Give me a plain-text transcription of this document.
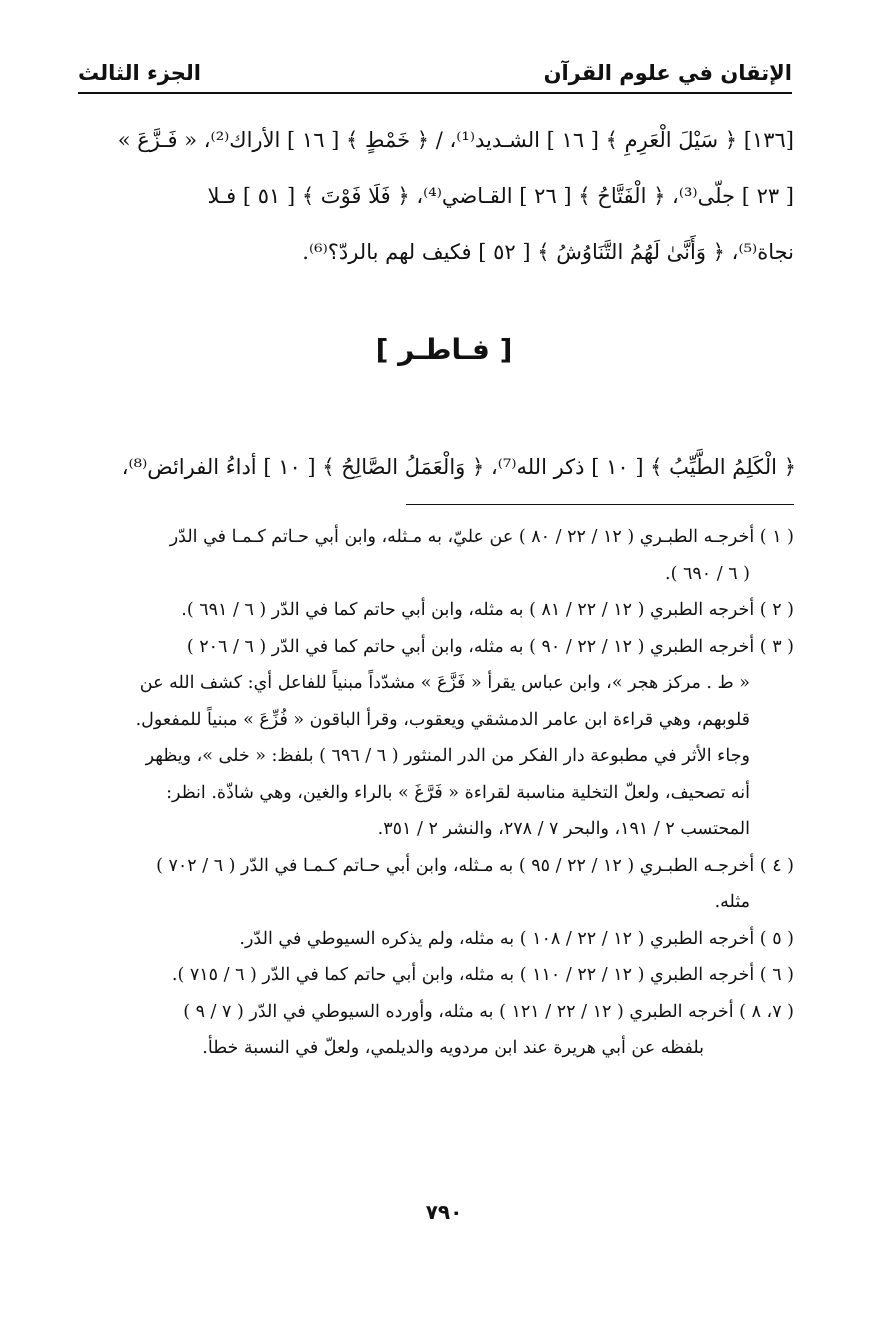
الإتقان في علوم القرآن
الجزء الثالث
[١٣٦] ﴿ سَيْلَ الْعَرِمِ ﴾ [ ١٦ ] الشـديد⁽¹⁾، / ﴿ خَمْطٍ ﴾ [ ١٦ ] الأراك⁽²⁾، « فَـزَّعَ »
[ ٢٣ ] جلّى⁽³⁾، ﴿ الْفَتَّاحُ ﴾ [ ٢٦ ] القـاضي⁽⁴⁾، ﴿ فَلَا فَوْتَ ﴾ [ ٥١ ] فـلا
نجاة⁽⁵⁾، ﴿ وَأَنَّىٰ لَهُمُ التَّنَاوُشُ ﴾ [ ٥٢ ] فكيف لهم بالردّ؟⁽⁶⁾.
[ فـاطـر ]
﴿ الْكَلِمُ الطَّيِّبُ ﴾ [ ١٠ ] ذكر الله⁽⁷⁾، ﴿ وَالْعَمَلُ الصَّالِحُ ﴾ [ ١٠ ] أداءُ الفرائض⁽⁸⁾،
( ١ ) أخرجـه الطبـري ( ١٢ / ٢٢ / ٨٠ ) عن عليّ، به مـثله، وابن أبي حـاتم كـمـا في الدّر
( ٦ / ٦٩٠ ).
( ٢ ) أخرجه الطبري ( ١٢ / ٢٢ / ٨١ ) به مثله، وابن أبي حاتم كما في الدّر ( ٦ / ٦٩١ ).
( ٣ ) أخرجه الطبري ( ١٢ / ٢٢ / ٩٠ ) به مثله، وابن أبي حاتم كما في الدّر ( ٦ / ٢٠٦ )
« ط . مركز هجر »، وابن عباس يقرأ « فَزَّعَ » مشدّداً مبنياً للفاعل أي: كشف الله عن
قلوبهم، وهي قراءة ابن عامر الدمشقي ويعقوب، وقرأ الباقون « فُزِّعَ » مبنياً للمفعول.
وجاء الأثر في مطبوعة دار الفكر من الدر المنثور ( ٦ / ٦٩٦ ) بلفظ: « خلى »، ويظهر
أنه تصحيف، ولعلّ التخلية مناسبة لقراءة « فَرَّغَ » بالراء والغين، وهي شاذّة. انظر:
المحتسب ٢ / ١٩١، والبحر ٧ / ٢٧٨، والنشر ٢ / ٣٥١.
( ٤ ) أخرجـه الطبـري ( ١٢ / ٢٢ / ٩٥ ) به مـثله، وابن أبي حـاتم كـمـا في الدّر ( ٦ / ٧٠٢ )
مثله.
( ٥ ) أخرجه الطبري ( ١٢ / ٢٢ / ١٠٨ ) به مثله، ولم يذكره السيوطي في الدّر.
( ٦ ) أخرجه الطبري ( ١٢ / ٢٢ / ١١٠ ) به مثله، وابن أبي حاتم كما في الدّر ( ٦ / ٧١٥ ).
( ٧، ٨ ) أخرجه الطبري ( ١٢ / ٢٢ / ١٢١ ) به مثله، وأورده السيوطي في الدّر ( ٧ / ٩ )
بلفظه عن أبي هريرة عند ابن مردويه والديلمي، ولعلّ في النسبة خطأ.
٧٩٠
